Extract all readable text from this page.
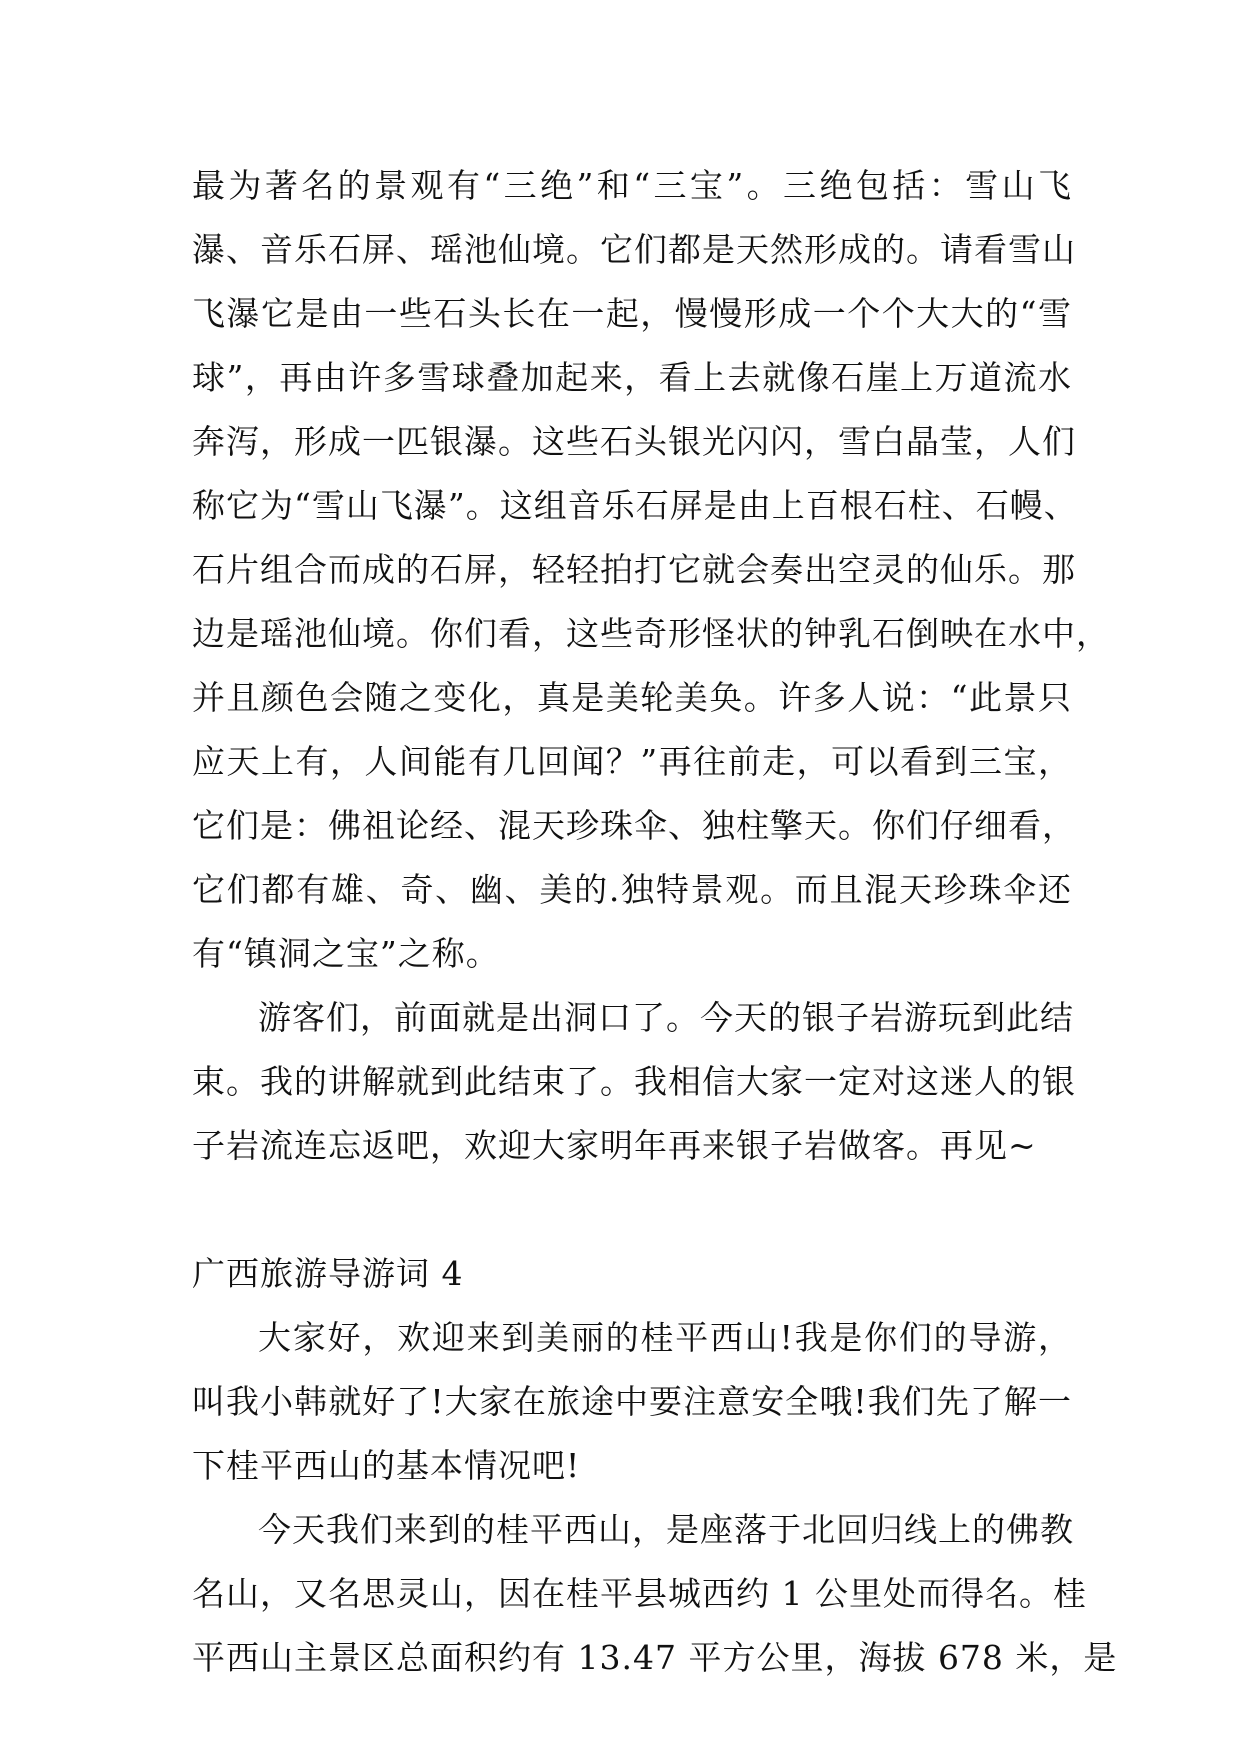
最为著名的景观有“三绝”和“三宝”。三绝包括：雪山飞
瀑、音乐石屏、瑶池仙境。它们都是天然形成的。请看雪山
飞瀑它是由一些石头长在一起，慢慢形成一个个大大的“雪
球”，再由许多雪球叠加起来，看上去就像石崖上万道流水
奔泻，形成一匹银瀑。这些石头银光闪闪，雪白晶莹，人们
称它为“雪山飞瀑”。这组音乐石屏是由上百根石柱、石幔、
石片组合而成的石屏，轻轻拍打它就会奏出空灵的仙乐。那
边是瑶池仙境。你们看，这些奇形怪状的钟乳石倒映在水中，
并且颜色会随之变化，真是美轮美奂。许多人说：“此景只
应天上有，人间能有几回闻？”再往前走，可以看到三宝，
它们是：佛祖论经、混天珍珠伞、独柱擎天。你们仔细看，
它们都有雄、奇、幽、美的.独特景观。而且混天珍珠伞还
有“镇洞之宝”之称。
游客们，前面就是出洞口了。今天的银子岩游玩到此结
束。我的讲解就到此结束了。我相信大家一定对这迷人的银
子岩流连忘返吧，欢迎大家明年再来银子岩做客。再见~
广西旅游导游词 4
大家好，欢迎来到美丽的桂平西山!我是你们的导游，
叫我小韩就好了!大家在旅途中要注意安全哦!我们先了解一
下桂平西山的基本情况吧!
今天我们来到的桂平西山，是座落于北回归线上的佛教
名山，又名思灵山，因在桂平县城西约 1 公里处而得名。桂
平西山主景区总面积约有 13.47 平方公里，海拔 678 米，是
